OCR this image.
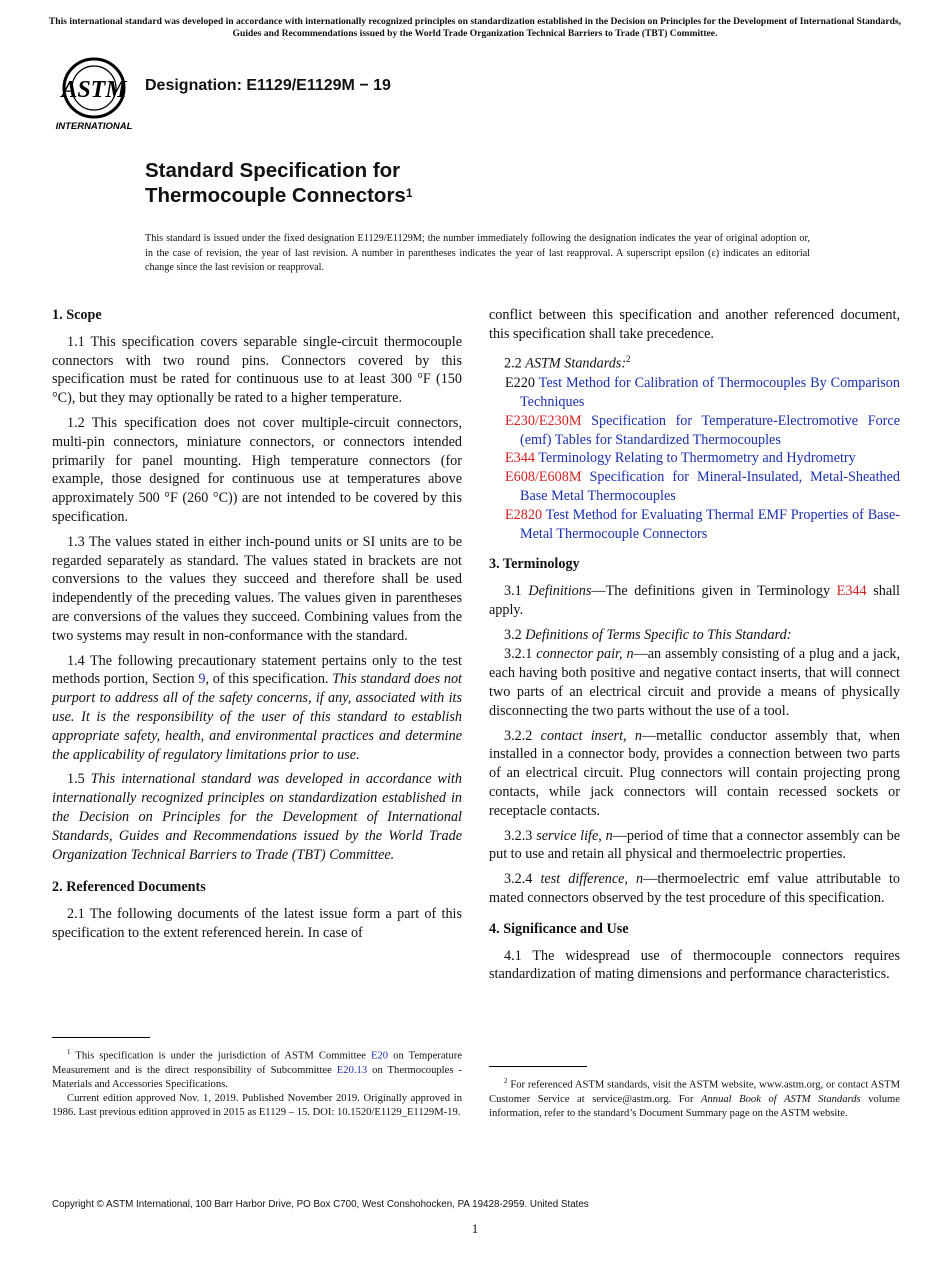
This international standard was developed in accordance with internationally recognized principles on standardization established in the Decision on Principles for the Development of International Standards, Guides and Recommendations issued by the World Trade Organization Technical Barriers to Trade (TBT) Committee.
ASTM
INTERNATIONAL
Designation: E1129/E1129M − 19
Standard Specification for
Thermocouple Connectors$^1$
This standard is issued under the fixed designation E1129/E1129M; the number immediately following the designation indicates the year of original adoption or, in the case of revision, the year of last revision. A number in parentheses indicates the year of last reapproval. A superscript epsilon (ε) indicates an editorial change since the last revision or reapproval.
1. Scope

1.1 This specification covers separable single-circuit thermocouple connectors with two round pins. Connectors covered by this specification must be rated for continuous use to at least 300 °F (150 °C), but they may optionally be rated to a higher temperature.

1.2 This specification does not cover multiple-circuit connectors, multi-pin connectors, miniature connectors, or connectors intended primarily for panel mounting. High temperature connectors (for example, those designed for continuous use at temperatures above approximately 500 °F (260 °C)) are not intended to be covered by this specification.

1.3 The values stated in either inch-pound units or SI units are to be regarded separately as standard. The values stated in brackets are not conversions to the values they succeed and therefore shall be used independently of the preceding values. The values given in parentheses are conversions of the values they succeed. Combining values from the two systems may result in non-conformance with the standard.

1.4 The following precautionary statement pertains only to the test methods portion, Section 9, of this specification. This standard does not purport to address all of the safety concerns, if any, associated with its use. It is the responsibility of the user of this standard to establish appropriate safety, health, and environmental practices and determine the applicability of regulatory limitations prior to use.

1.5 This international standard was developed in accordance with internationally recognized principles on standardization established in the Decision on Principles for the Development of International Standards, Guides and Recommendations issued by the World Trade Organization Technical Barriers to Trade (TBT) Committee.

2. Referenced Documents

2.1 The following documents of the latest issue form a part of this specification to the extent referenced herein. In case of

conflict between this specification and another referenced document, this specification shall take precedence.

2.2 ASTM Standards:$^2$

E220 Test Method for Calibration of Thermocouples By Comparison Techniques

E230/E230M Specification for Temperature-Electromotive Force (emf) Tables for Standardized Thermocouples

E344 Terminology Relating to Thermometry and Hydrometry

E608/E608M Specification for Mineral-Insulated, Metal-Sheathed Base Metal Thermocouples

E2820 Test Method for Evaluating Thermal EMF Properties of Base-Metal Thermocouple Connectors

3. Terminology

3.1 Definitions—The definitions given in Terminology E344 shall apply.

3.2 Definitions of Terms Specific to This Standard:

3.2.1 connector pair, n—an assembly consisting of a plug and a jack, each having both positive and negative contact inserts, that will connect two parts of an electrical circuit and provide a means of physically disconnecting the two parts without the use of a tool.

3.2.2 contact insert, n—metallic conductor assembly that, when installed in a connector body, provides a connection between two parts of an electrical circuit. Plug connectors will contain projecting prong contacts, while jack connectors will contain recessed sockets or receptacle contacts.

3.2.3 service life, n—period of time that a connector assembly can be put to use and retain all physical and thermoelectric properties.

3.2.4 test difference, n—thermoelectric emf value attributable to mated connectors observed by the test procedure of this specification.

4. Significance and Use

4.1 The widespread use of thermocouple connectors requires standardization of mating dimensions and performance characteristics.

$^1$ This specification is under the jurisdiction of ASTM Committee E20 on Temperature Measurement and is the direct responsibility of Subcommittee E20.13 on Thermocouples - Materials and Accessories Specifications.

Current edition approved Nov. 1, 2019. Published November 2019. Originally approved in 1986. Last previous edition approved in 2015 as E1129 – 15. DOI: 10.1520/E1129_E1129M-19.

$^2$ For referenced ASTM standards, visit the ASTM website, www.astm.org, or contact ASTM Customer Service at service@astm.org. For Annual Book of ASTM Standards volume information, refer to the standard’s Document Summary page on the ASTM website.

Copyright © ASTM International, 100 Barr Harbor Drive, PO Box C700, West Conshohocken, PA 19428-2959. United States
1
